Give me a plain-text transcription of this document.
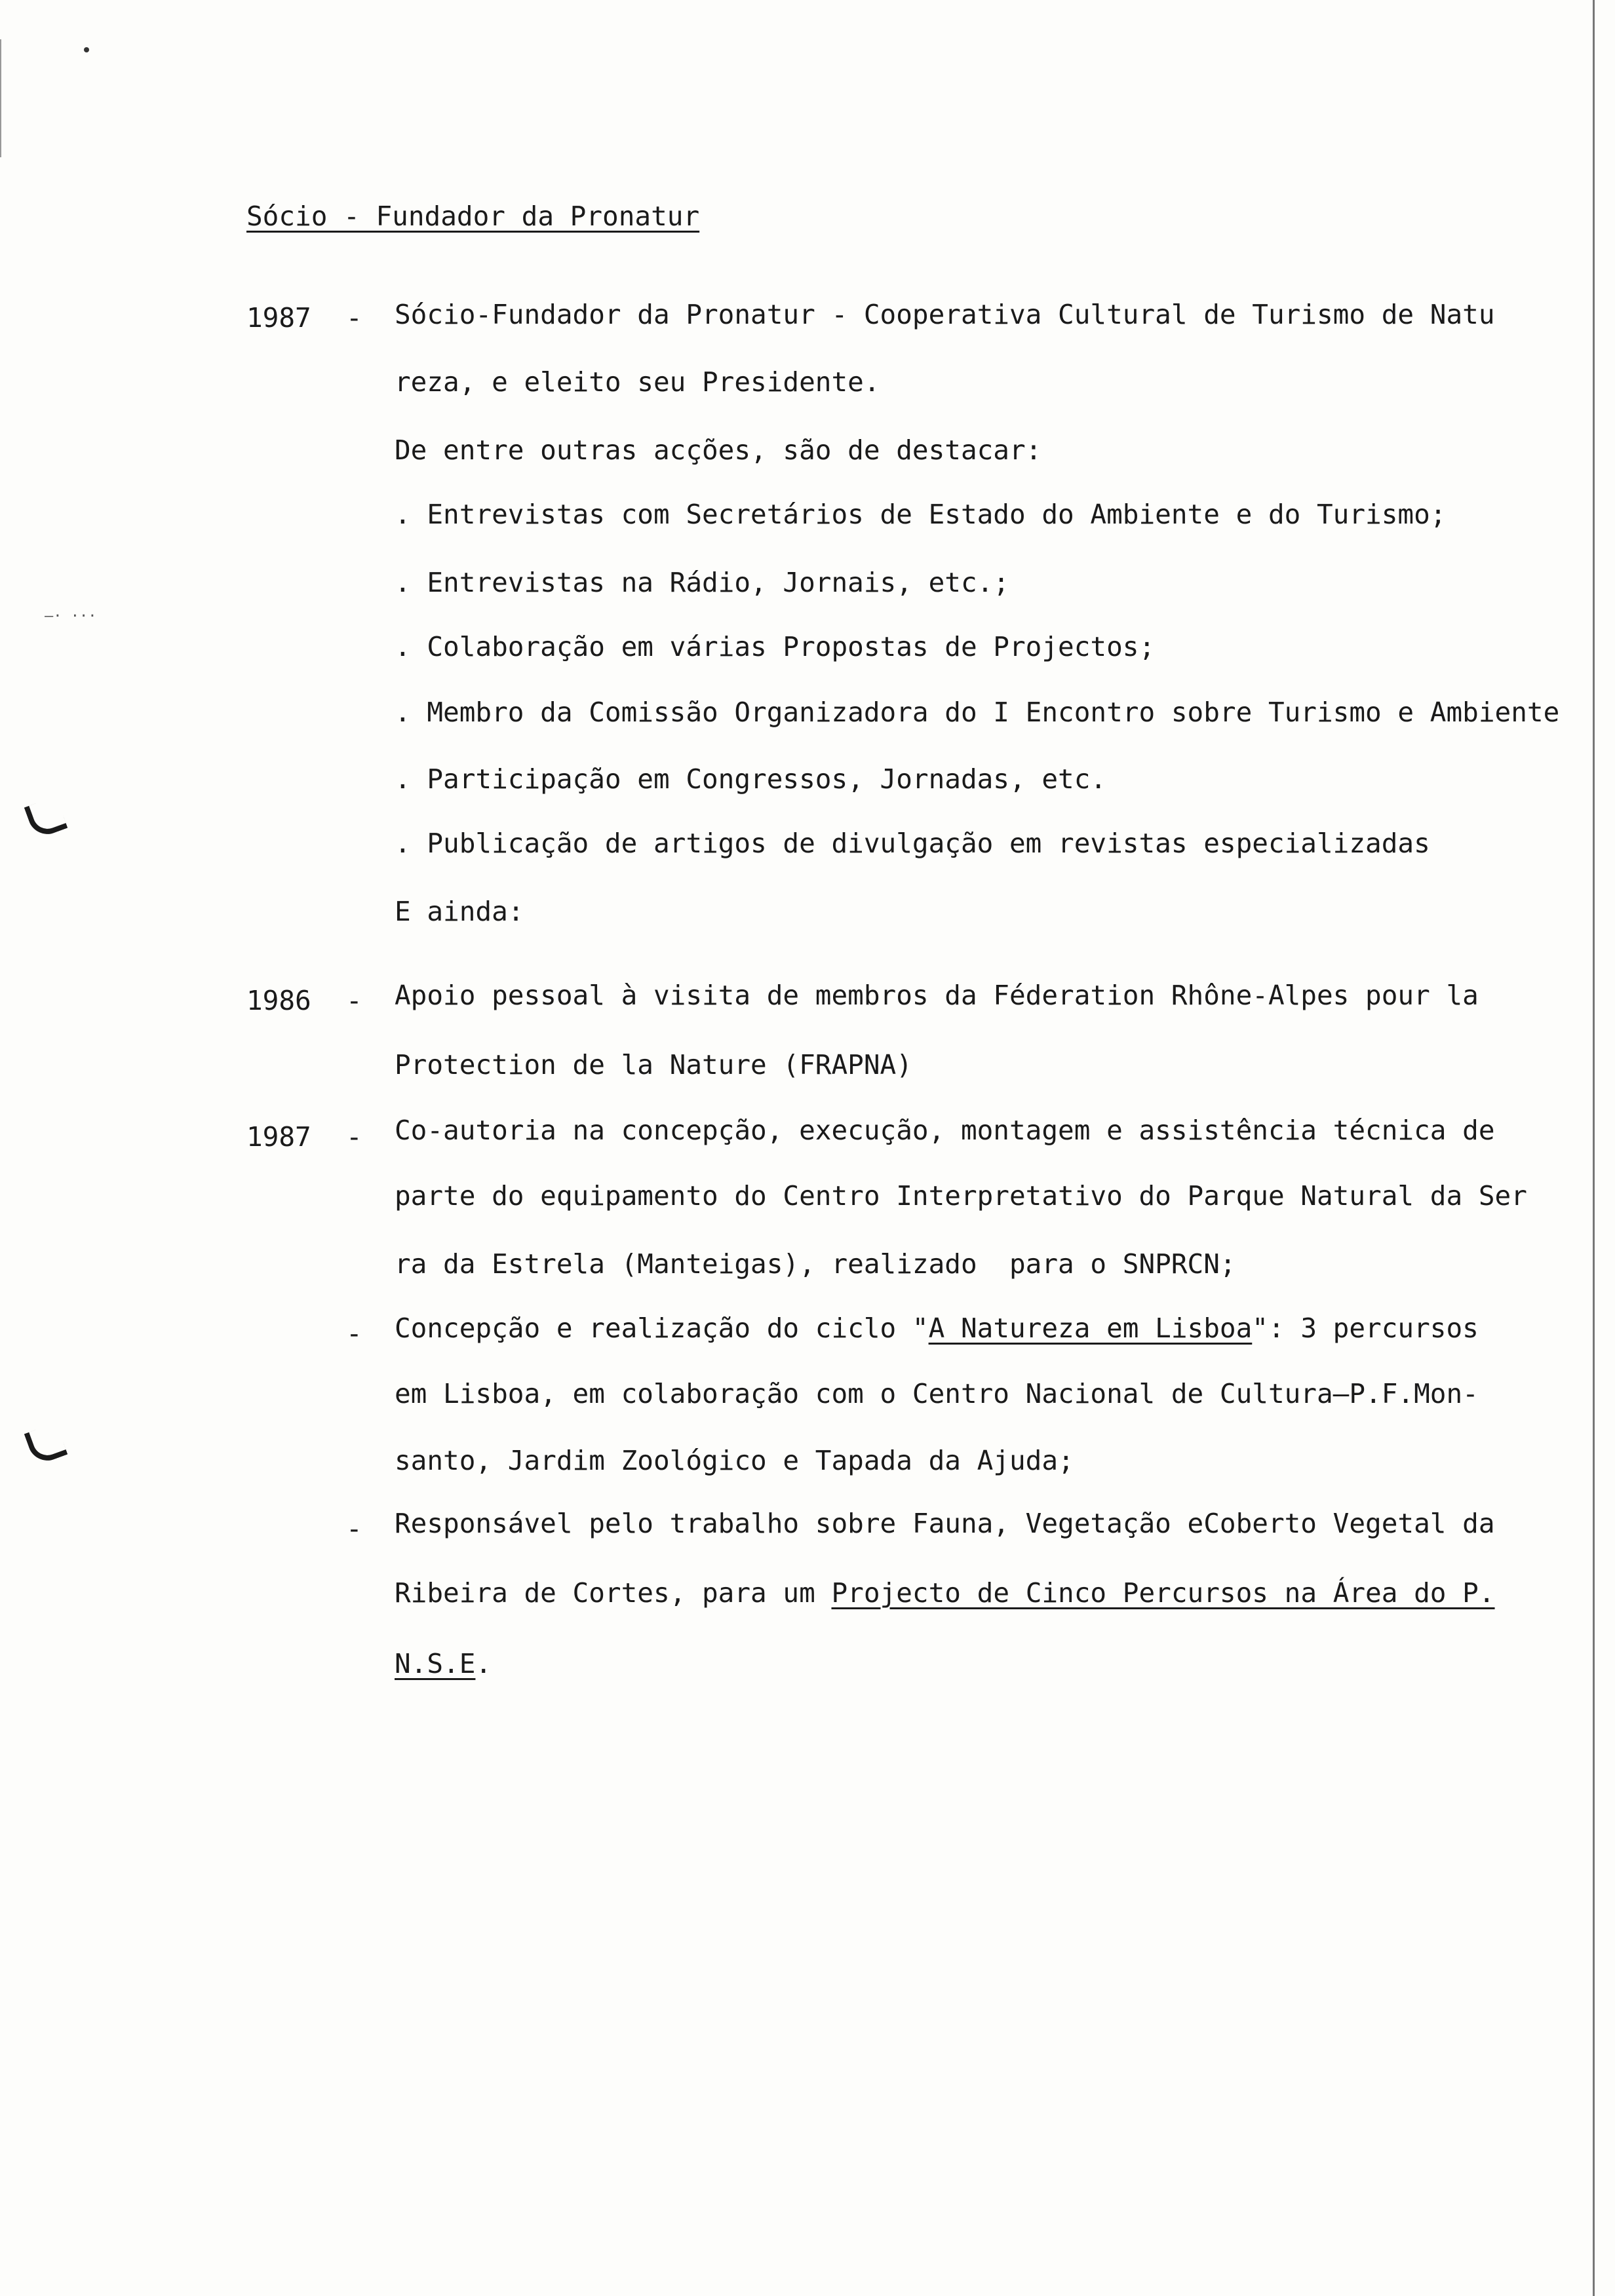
—· ···
Sócio - Fundador da Pronatur
1987 - Sócio-Fundador da Pronatur - Cooperativa Cultural de Turismo de Natu
reza, e eleito seu Presidente.
De entre outras acções, são de destacar:
. Entrevistas com Secretários de Estado do Ambiente e do Turismo;
. Entrevistas na Rádio, Jornais, etc.;
. Colaboração em várias Propostas de Projectos;
. Membro da Comissão Organizadora do I Encontro sobre Turismo e Ambiente
. Participação em Congressos, Jornadas, etc.
. Publicação de artigos de divulgação em revistas especializadas
E ainda:
1986 - Apoio pessoal à visita de membros da Féderation Rhône-Alpes pour la
Protection de la Nature (FRAPNA)
1987 - Co-autoria na concepção, execução, montagem e assistência técnica de
parte do equipamento do Centro Interpretativo do Parque Natural da Ser
ra da Estrela (Manteigas), realizado  para o SNPRCN;
- Concepção e realização do ciclo "A Natureza em Lisboa": 3 percursos
em Lisboa, em colaboração com o Centro Nacional de Cultura—P.F.Mon-
santo, Jardim Zoológico e Tapada da Ajuda;
- Responsável pelo trabalho sobre Fauna, Vegetação eCoberto Vegetal da
Ribeira de Cortes, para um Projecto de Cinco Percursos na Área do P.
N.S.E.
